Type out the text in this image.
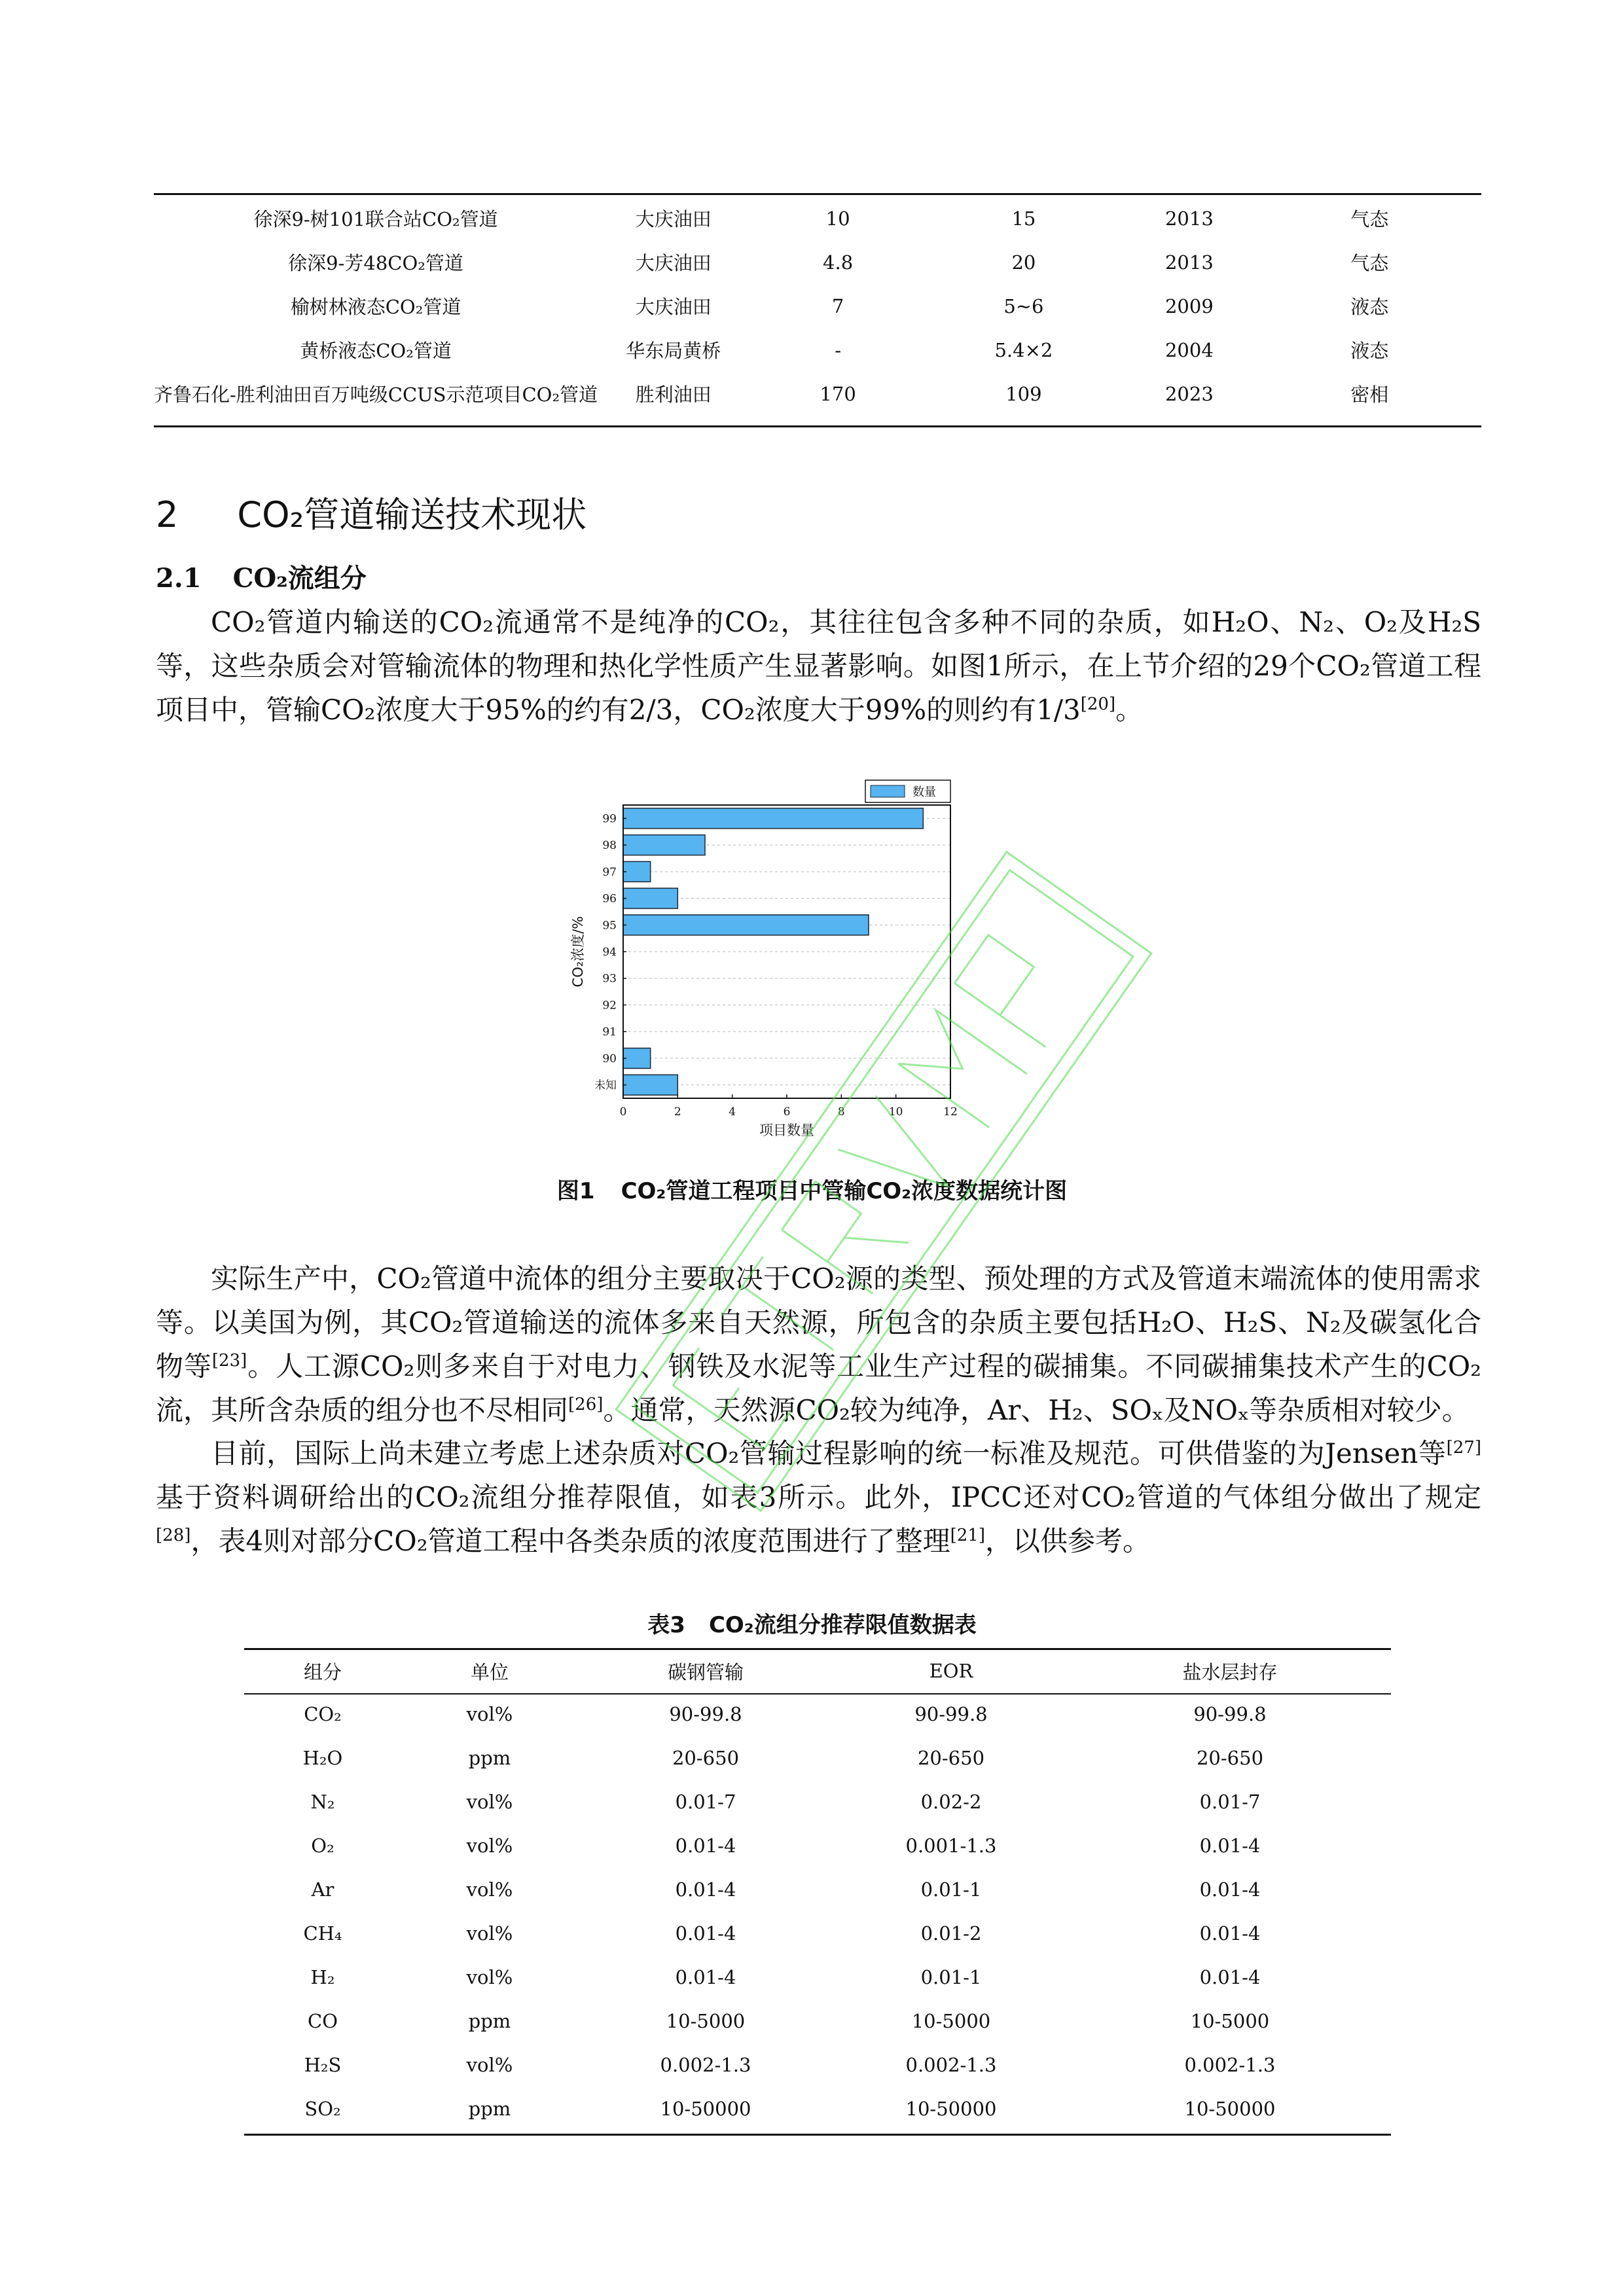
徐深9-树101联合站CO₂管道	大庆油田	10	15	2013	气态
徐深9-芳48CO₂管道	大庆油田	4.8	20	2013	气态
榆树林液态CO₂管道	大庆油田	7	5~6	2009	液态
黄桥液态CO₂管道	华东局黄桥	-	5.4×2	2004	液态
齐鲁石化-胜利油田百万吨级CCUS示范项目CO₂管道	胜利油田	170	109	2023	密相
2 CO₂管道输送技术现状
2.1 CO₂流组分

CO₂管道内输送的CO₂流通常不是纯净的CO₂，其往往包含多种不同的杂质，如H₂O、N₂、O₂及H₂S等，这些杂质会对管输流体的物理和热化学性质产生显著影响。如图1所示，在上节介绍的29个CO₂管道工程项目中，管输CO₂浓度大于95%的约有2/3，CO₂浓度大于99%的则约有1/3[20]。

99
98
97
96
95
94
93
92
91
90
未知
0	2	4	6	8	10	12
项目数量
CO₂浓度/%
数量
图1 CO₂管道工程项目中管输CO₂浓度数据统计图

实际生产中，CO₂管道中流体的组分主要取决于CO₂源的类型、预处理的方式及管道末端流体的使用需求等。以美国为例，其CO₂管道输送的流体多来自天然源，所包含的杂质主要包括H₂O、H₂S、N₂及碳氢化合物等[23]。人工源CO₂则多来自于对电力、钢铁及水泥等工业生产过程的碳捕集。不同碳捕集技术产生的CO₂流，其所含杂质的组分也不尽相同[26]。通常，天然源CO₂较为纯净，Ar、H₂、SOₓ及NOₓ等杂质相对较少。

目前，国际上尚未建立考虑上述杂质对CO₂管输过程影响的统一标准及规范。可供借鉴的为Jensen等[27]基于资料调研给出的CO₂流组分推荐限值，如表3所示。此外，IPCC还对CO₂管道的气体组分做出了规定[28]，表4则对部分CO₂管道工程中各类杂质的浓度范围进行了整理[21]，以供参考。

表3 CO₂流组分推荐限值数据表
组分	单位	碳钢管输	EOR	盐水层封存
CO₂	vol%	90-99.8	90-99.8	90-99.8
H₂O	ppm	20-650	20-650	20-650
N₂	vol%	0.01-7	0.02-2	0.01-7
O₂	vol%	0.01-4	0.001-1.3	0.01-4
Ar	vol%	0.01-4	0.01-1	0.01-4
CH₄	vol%	0.01-4	0.01-2	0.01-4
H₂	vol%	0.01-4	0.01-1	0.01-4
CO	ppm	10-5000	10-5000	10-5000
H₂S	vol%	0.002-1.3	0.002-1.3	0.002-1.3
SO₂	ppm	10-50000	10-50000	10-50000
